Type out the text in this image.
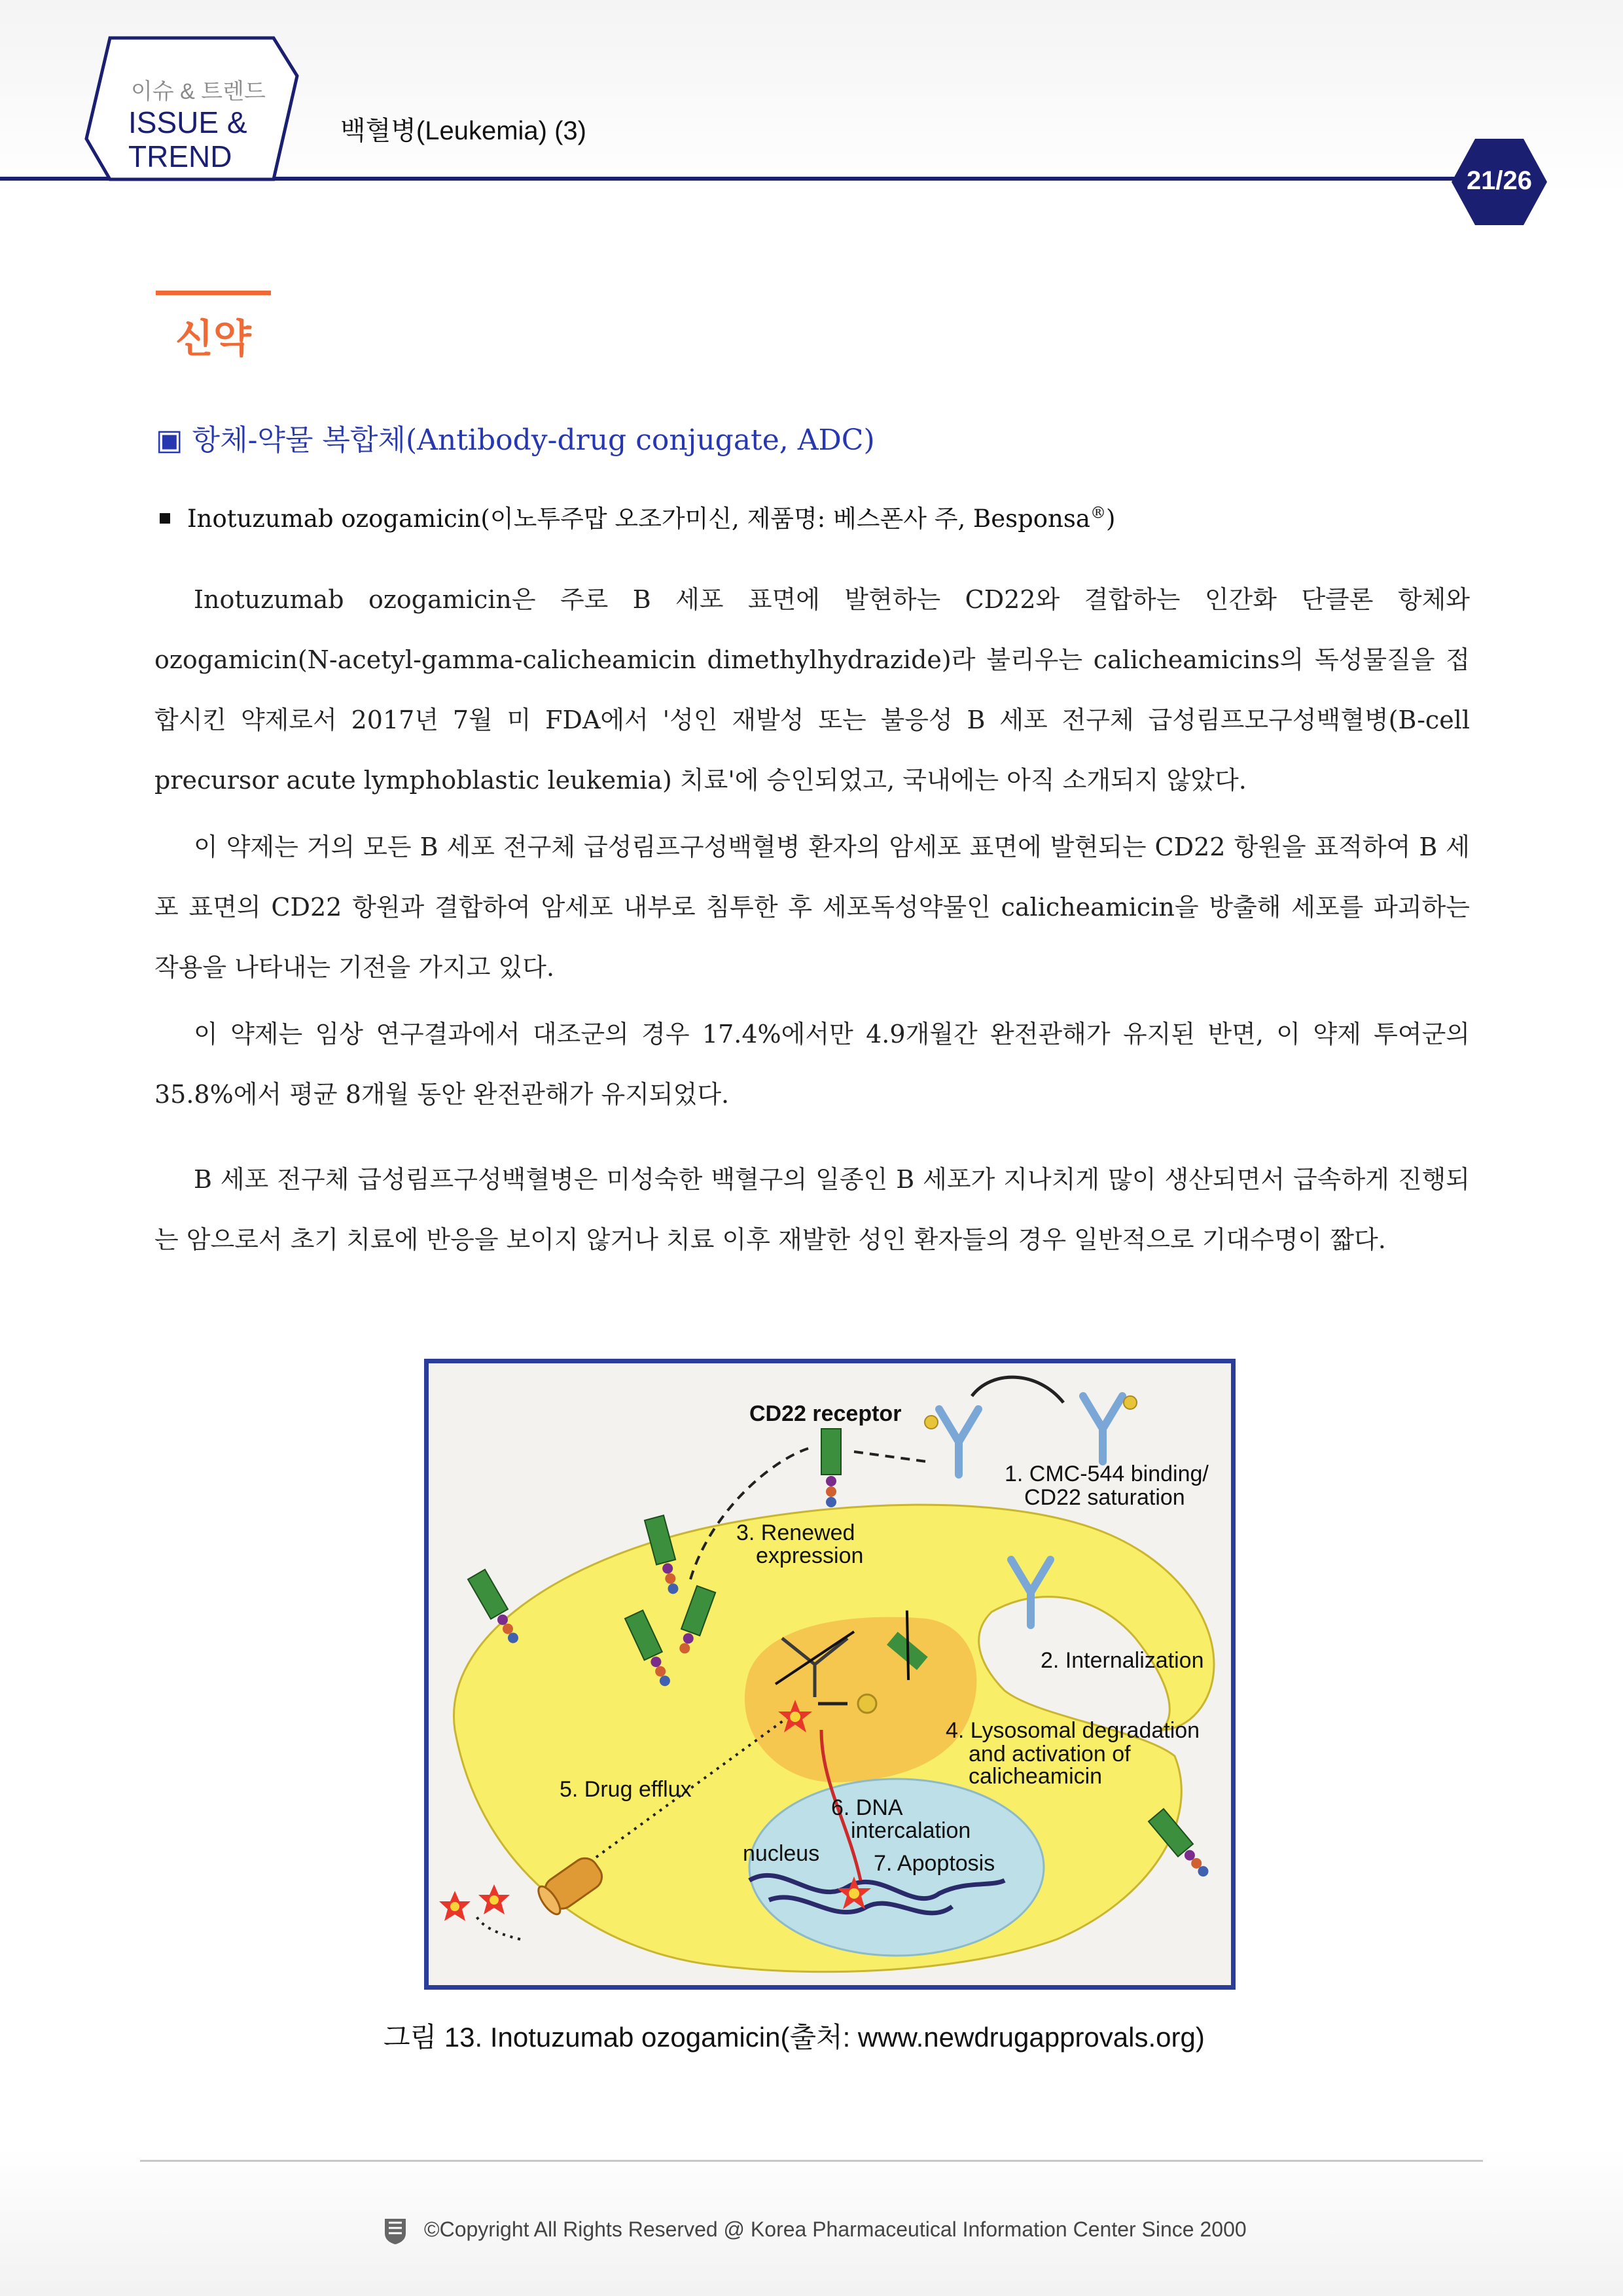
이슈 & 트렌드
ISSUE &
TREND
백혈병(Leukemia) (3)
21/26
신약
▣ 항체-약물 복합체(Antibody-drug conjugate, ADC)
Inotuzumab ozogamicin(이노투주맙 오조가미신, 제품명: 베스폰사 주, Besponsa®)

Inotuzumab ozogamicin은 주로 B 세포 표면에 발현하는 CD22와 결합하는 인간화 단클론 항체와 ozogamicin(N-acetyl-gamma-calicheamicin dimethylhydrazide)라 불리우는 calicheamicins의 독성물질을 접합시킨 약제로서 2017년 7월 미 FDA에서 '성인 재발성 또는 불응성 B 세포 전구체 급성림프모구성백혈병(B-cell precursor acute lymphoblastic leukemia) 치료'에 승인되었고, 국내에는 아직 소개되지 않았다.

이 약제는 거의 모든 B 세포 전구체 급성림프구성백혈병 환자의 암세포 표면에 발현되는 CD22 항원을 표적하여 B 세포 표면의 CD22 항원과 결합하여 암세포 내부로 침투한 후 세포독성약물인 calicheamicin을 방출해 세포를 파괴하는 작용을 나타내는 기전을 가지고 있다.

이 약제는 임상 연구결과에서 대조군의 경우 17.4%에서만 4.9개월간 완전관해가 유지된 반면, 이 약제 투여군의 35.8%에서 평균 8개월 동안 완전관해가 유지되었다.

B 세포 전구체 급성림프구성백혈병은 미성숙한 백혈구의 일종인 B 세포가 지나치게 많이 생산되면서 급속하게 진행되는 암으로서 초기 치료에 반응을 보이지 않거나 치료 이후 재발한 성인 환자들의 경우 일반적으로 기대수명이 짧다.

CD22 receptor
1. CMC-544 binding/
CD22 saturation
3. Renewed
expression
2. Internalization
4. Lysosomal degradation
and activation of
calicheamicin
5. Drug efflux
6. DNA
intercalation
nucleus 7. Apoptosis
그림 13. Inotuzumab ozogamicin(출처: www.newdrugapprovals.org)
©Copyright All Rights Reserved @ Korea Pharmaceutical Information Center Since 2000
